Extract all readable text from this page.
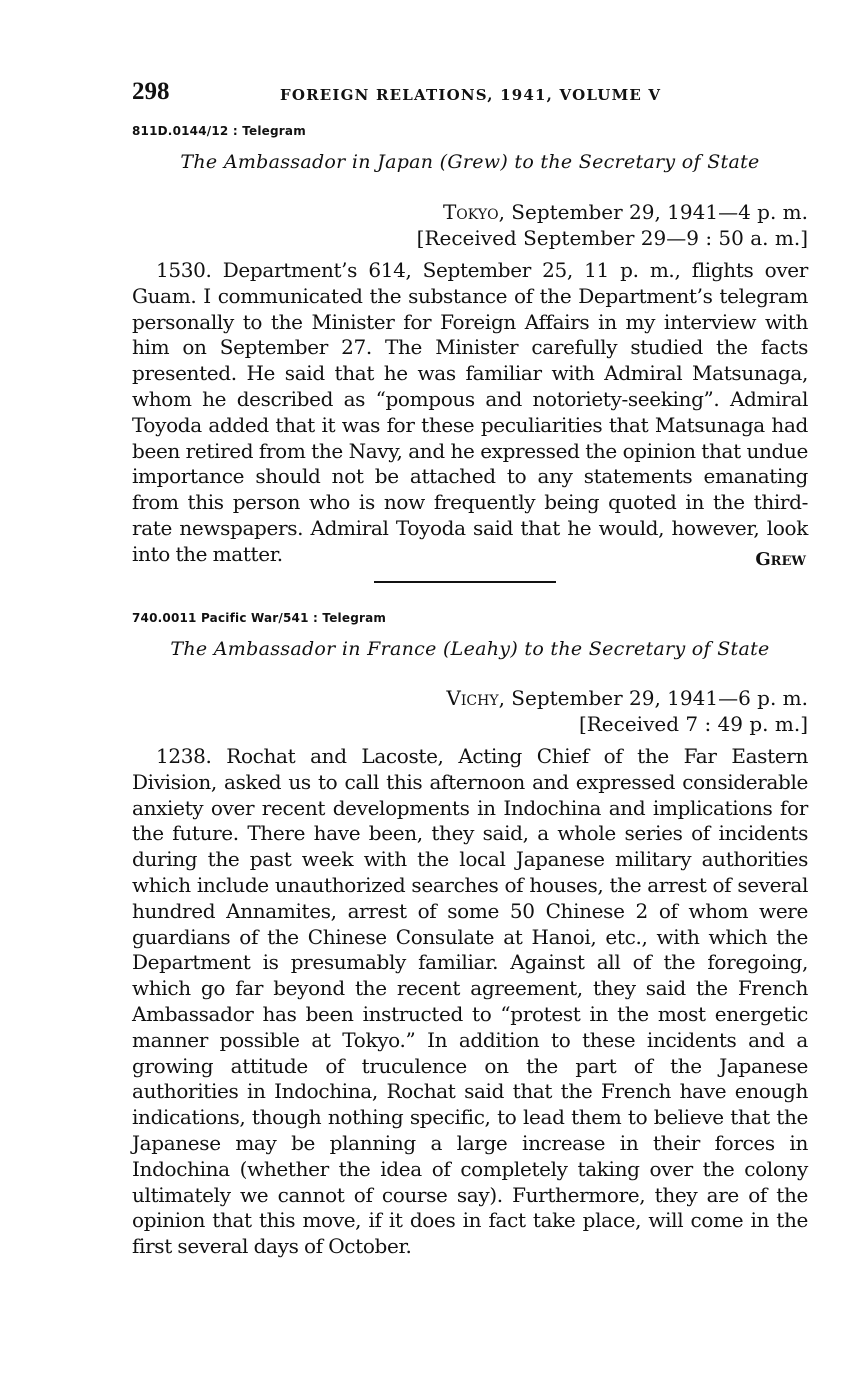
298	FOREIGN RELATIONS, 1941, VOLUME V
811D.0144/12 : Telegram
The Ambassador in Japan (Grew) to the Secretary of State
Tokyo, September 29, 1941—4 p. m.
[Received September 29—9 : 50 a. m.]

1530. Department’s 614, September 25, 11 p. m., flights over Guam. I communicated the substance of the Department’s telegram personally to the Minister for Foreign Affairs in my interview with him on September 27. The Minister carefully studied the facts presented. He said that he was familiar with Admiral Matsunaga, whom he described as “pompous and notoriety-seeking”. Admiral Toyoda added that it was for these peculiarities that Matsunaga had been retired from the Navy, and he expressed the opinion that undue importance should not be attached to any statements emanating from this person who is now frequently being quoted in the third-rate newspapers. Admiral Toyoda said that he would, however, look into the matter.	Grew
740.0011 Pacific War/541 : Telegram
The Ambassador in France (Leahy) to the Secretary of State
Vichy, September 29, 1941—6 p. m.
[Received 7 : 49 p. m.]

1238. Rochat and Lacoste, Acting Chief of the Far Eastern Division, asked us to call this afternoon and expressed considerable anxiety over recent developments in Indochina and implications for the future. There have been, they said, a whole series of incidents during the past week with the local Japanese military authorities which include unauthorized searches of houses, the arrest of several hundred Annamites, arrest of some 50 Chinese 2 of whom were guardians of the Chinese Consulate at Hanoi, etc., with which the Department is presumably familiar. Against all of the foregoing, which go far beyond the recent agreement, they said the French Ambassador has been instructed to “protest in the most energetic manner possible at Tokyo.” In addition to these incidents and a growing attitude of truculence on the part of the Japanese authorities in Indochina, Rochat said that the French have enough indications, though nothing specific, to lead them to believe that the Japanese may be planning a large increase in their forces in Indochina (whether the idea of completely taking over the colony ultimately we cannot of course say). Furthermore, they are of the opinion that this move, if it does in fact take place, will come in the first several days of October.
